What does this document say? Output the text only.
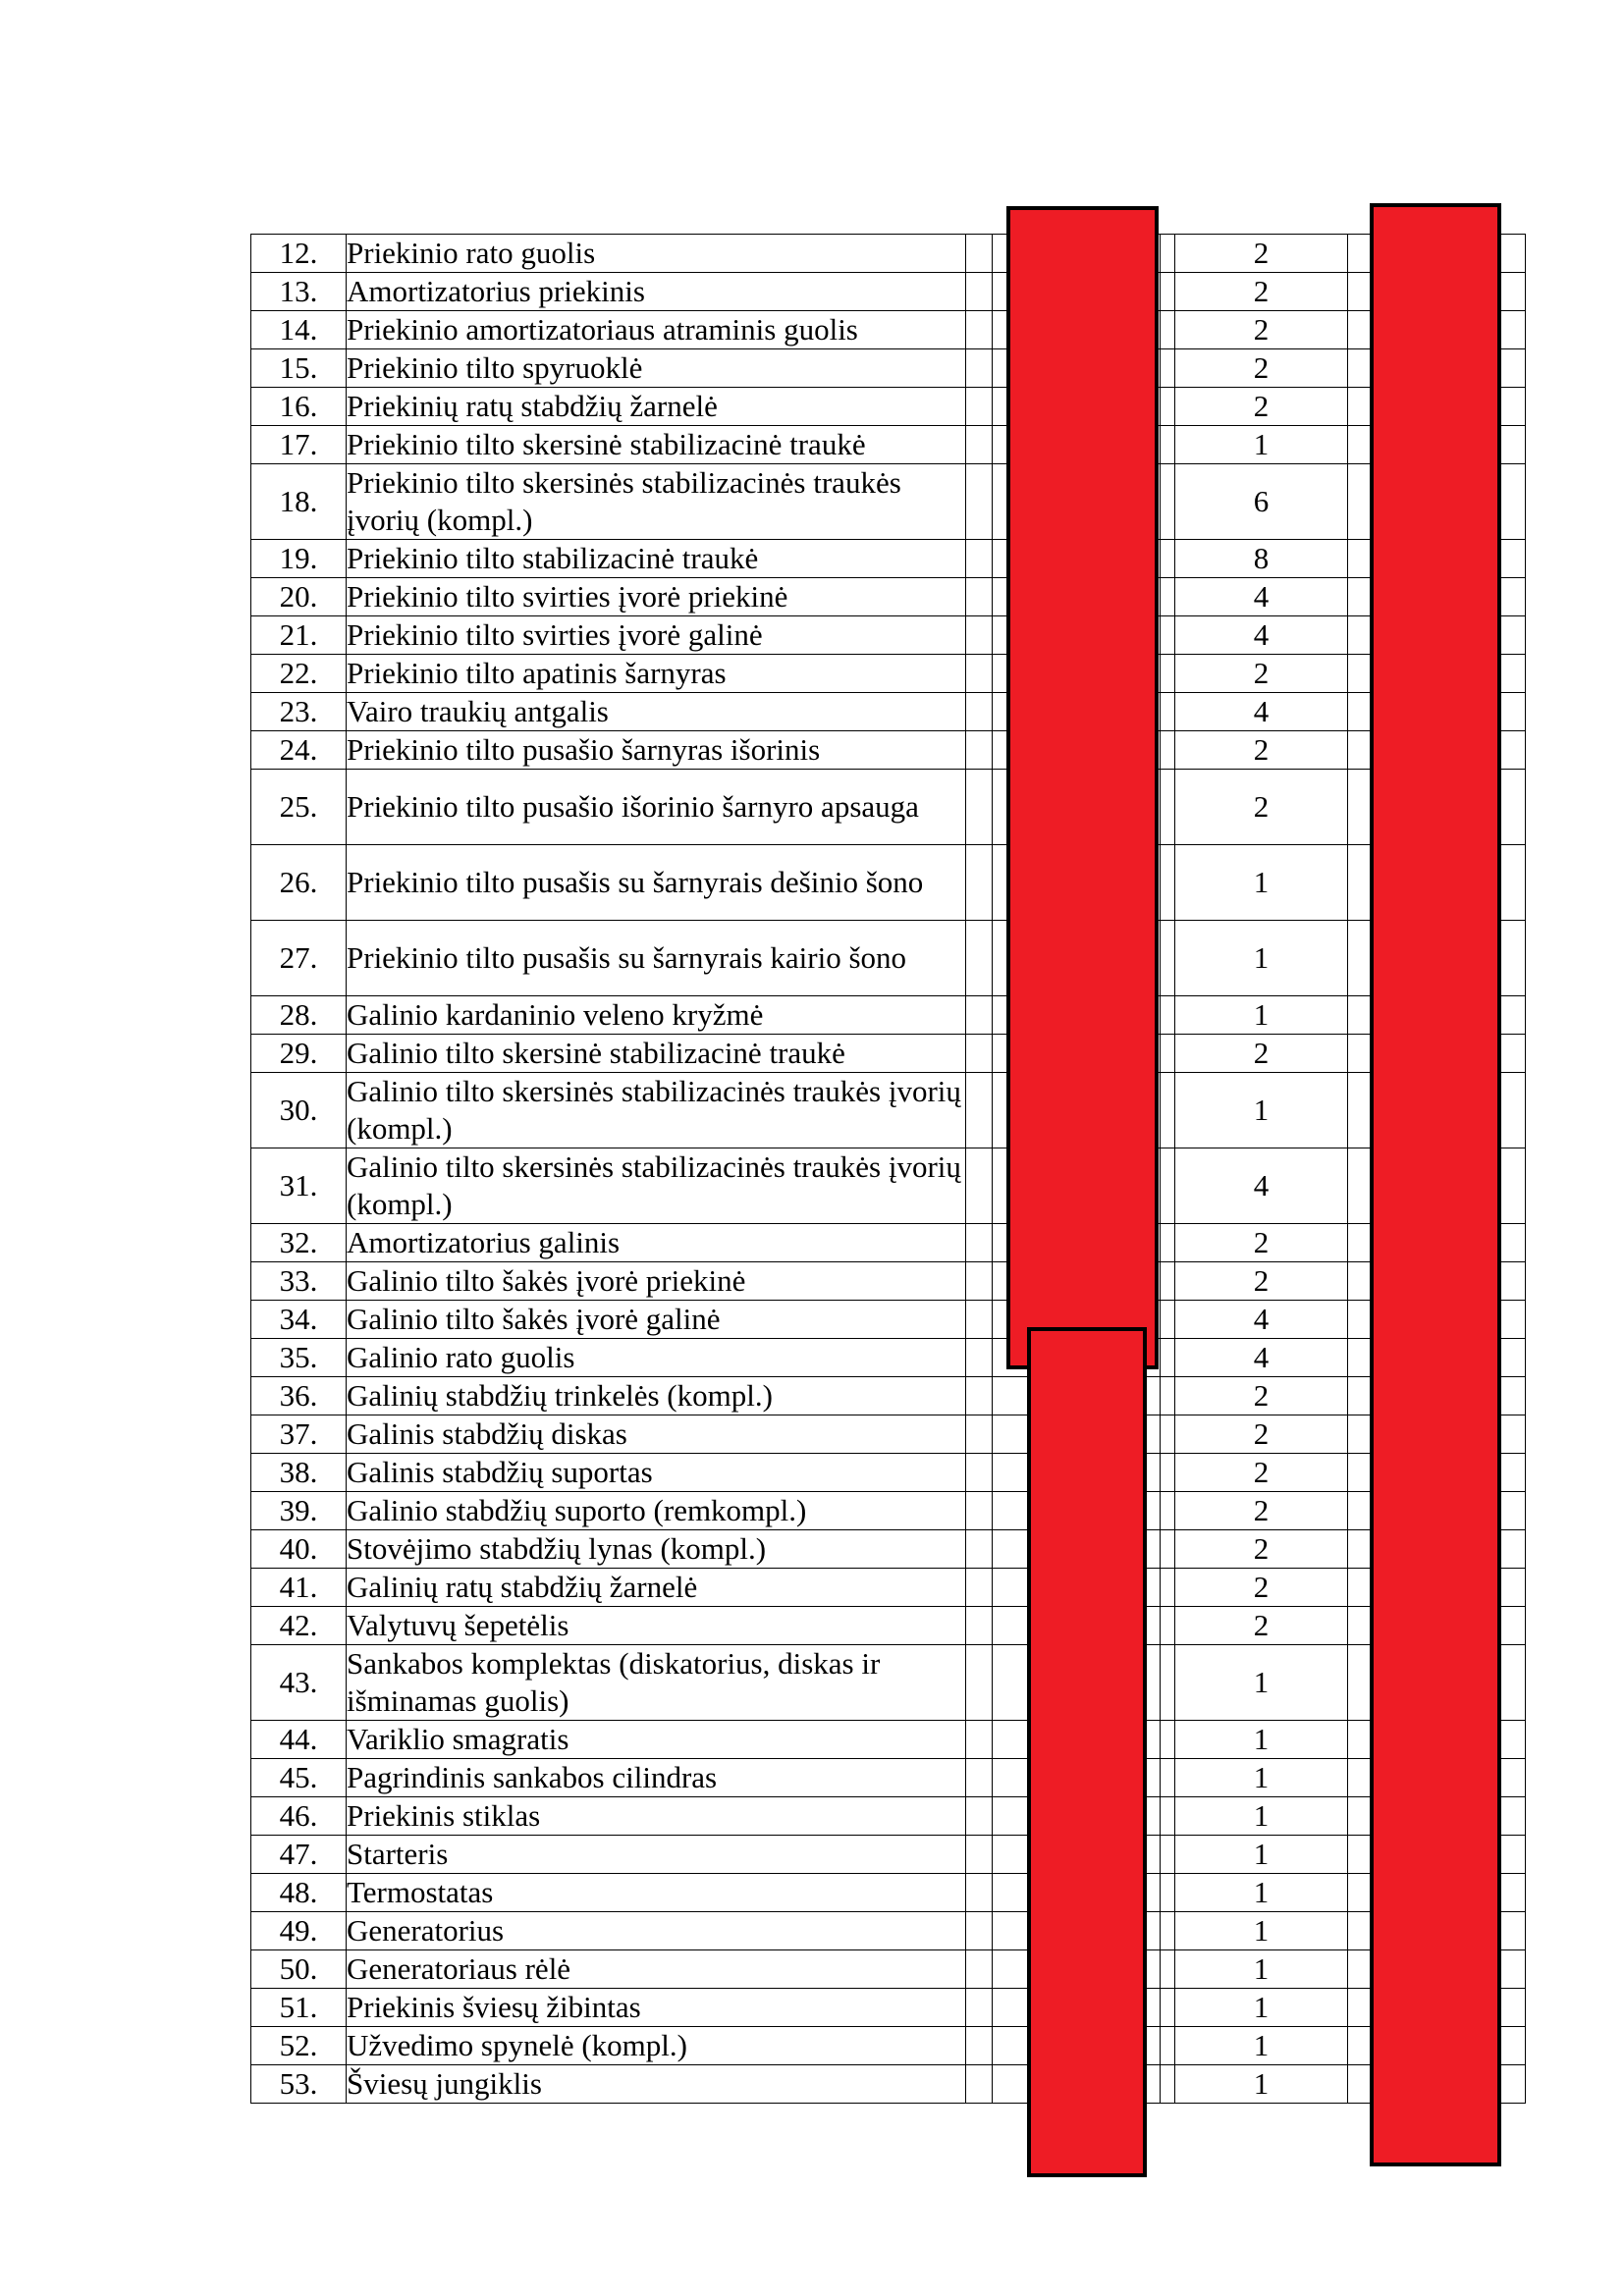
12.	Priekinio rato guolis				2			
13.	Amortizatorius priekinis				2			
14.	Priekinio amortizatoriaus atraminis guolis				2			
15.	Priekinio tilto spyruoklė				2			
16.	Priekinių ratų stabdžių žarnelė				2			
17.	Priekinio tilto skersinė stabilizacinė traukė				1			
18.	Priekinio tilto skersinės stabilizacinės traukės įvorių (kompl.)				6			
19.	Priekinio tilto stabilizacinė traukė				8			
20.	Priekinio tilto svirties įvorė priekinė				4			
21.	Priekinio tilto svirties įvorė galinė				4			
22.	Priekinio tilto apatinis šarnyras				2			
23.	Vairo traukių antgalis				4			
24.	Priekinio tilto pusašio šarnyras išorinis				2			
25.	Priekinio tilto pusašio išorinio šarnyro apsauga				2			
26.	Priekinio tilto pusašis su šarnyrais dešinio šono				1			
27.	Priekinio tilto pusašis su šarnyrais kairio šono				1			
28.	Galinio kardaninio veleno kryžmė				1			
29.	Galinio tilto skersinė stabilizacinė traukė				2			
30.	Galinio tilto skersinės stabilizacinės traukės įvorių (kompl.)				1			
31.	Galinio tilto skersinės stabilizacinės traukės įvorių (kompl.)				4			
32.	Amortizatorius galinis				2			
33.	Galinio tilto šakės įvorė priekinė				2			
34.	Galinio tilto šakės įvorė galinė				4			
35.	Galinio rato guolis				4			
36.	Galinių stabdžių trinkelės (kompl.)				2			
37.	Galinis stabdžių diskas				2			
38.	Galinis stabdžių suportas				2			
39.	Galinio stabdžių suporto (remkompl.)				2			
40.	Stovėjimo stabdžių lynas (kompl.)				2			
41.	Galinių ratų stabdžių žarnelė				2			
42.	Valytuvų šepetėlis				2			
43.	Sankabos komplektas (diskatorius, diskas ir išminamas guolis)				1			
44.	Variklio smagratis				1			
45.	Pagrindinis sankabos cilindras				1			
46.	Priekinis stiklas				1			
47.	Starteris				1			
48.	Termostatas				1			
49.	Generatorius				1			
50.	Generatoriaus rėlė				1			
51.	Priekinis šviesų žibintas				1			
52.	Užvedimo spynelė (kompl.)				1			
53.	Šviesų jungiklis				1			
